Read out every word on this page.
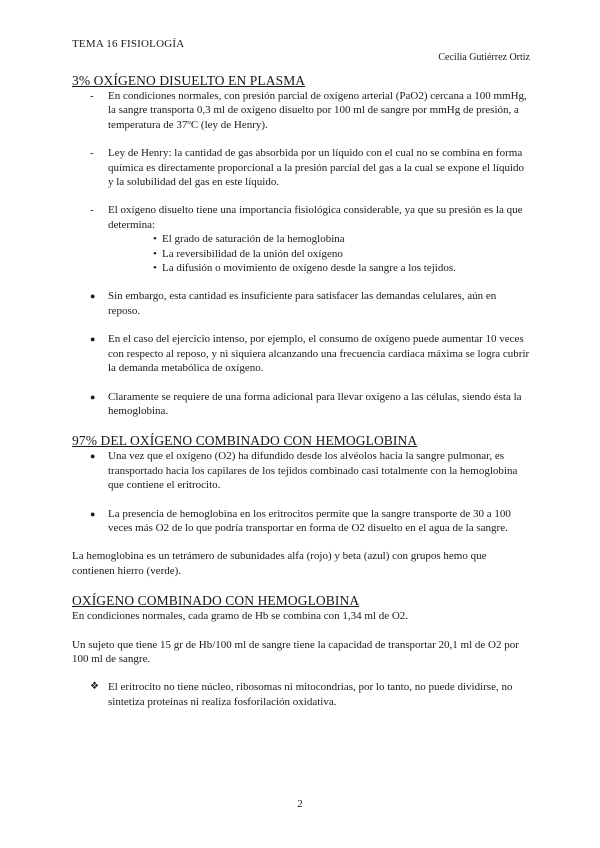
TEMA 16 FISIOLOGÍA
Cecilia Gutiérrez Ortiz
3% OXÍGENO DISUELTO EN PLASMA
- En condiciones normales, con presión parcial de oxígeno arterial (PaO2) cercana a 100 mmHg, la sangre transporta 0,3 ml de oxígeno disuelto por 100 ml de sangre por mmHg de presión, a temperatura de 37ºC (ley de Henry).
- Ley de Henry: la cantidad de gas absorbida por un líquido con el cual no se combina en forma química es directamente proporcional a la presión parcial del gas a la cual se expone el líquido y la solubilidad del gas en este líquido.
- El oxígeno disuelto tiene una importancia fisiológica considerable, ya que su presión es la que determina:
• El grado de saturación de la hemoglobina
• La reversibilidad de la unión del oxígeno
• La difusión o movimiento de oxígeno desde la sangre a los tejidos.
● Sin embargo, esta cantidad es insuficiente para satisfacer las demandas celulares, aún en reposo.
● En el caso del ejercicio intenso, por ejemplo, el consumo de oxígeno puede aumentar 10 veces con respecto al reposo, y ni siquiera alcanzando una frecuencia cardiaca máxima se logra cubrir la demanda metabólica de oxígeno.
● Claramente se requiere de una forma adicional para llevar oxígeno a las células, siendo ésta la hemoglobina.
97% DEL OXÍGENO COMBINADO CON HEMOGLOBINA
● Una vez que el oxígeno (O2) ha difundido desde los alvéolos hacia la sangre pulmonar, es transportado hacia los capilares de los tejidos combinado casi totalmente con la hemoglobina que contiene el eritrocito.
● La presencia de hemoglobina en los eritrocitos permite que la sangre transporte de 30 a 100 veces más O2 de lo que podría transportar en forma de O2 disuelto en el agua de la sangre.

La hemoglobina es un tetrámero de subunidades alfa (rojo) y beta (azul) con grupos hemo que contienen hierro (verde).

OXÍGENO COMBINADO CON HEMOGLOBINA

En condiciones normales, cada gramo de Hb se combina con 1,34 ml de O2.

Un sujeto que tiene 15 gr de Hb/100 ml de sangre tiene la capacidad de transportar 20,1 ml de O2 por 100 ml de sangre.

❖ El eritrocito no tiene núcleo, ribosomas ni mitocondrias, por lo tanto, no puede dividirse, no sintetiza proteínas ni realiza fosforilación oxidativa.
2
